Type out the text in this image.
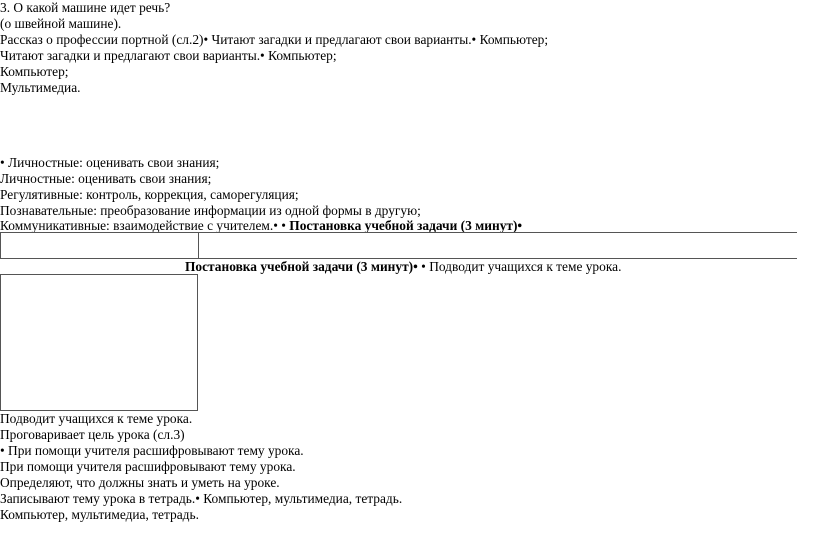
3. О какой машине идет речь?
(о швейной машине).
Рассказ о профессии портной (сл.2)• Читают загадки и предлагают свои варианты.• Компьютер;
Читают загадки и предлагают свои варианты.• Компьютер;
Компьютер;
Мультимедиа.
• Личностные: оценивать свои знания;
Личностные: оценивать свои знания;
Регулятивные: контроль, коррекция, саморегуляция;
Познавательные: преобразование информации из одной формы в другую;
Коммуникативные: взаимодействие с учителем.• • Постановка учебной задачи (3 минут)•
Постановка учебной задачи (3 минут)• • Подводит учащихся к теме урока.
Подводит учащихся к теме урока.
Проговаривает цель урока (сл.3)
• При помощи учителя расшифровывают тему урока.
При помощи учителя расшифровывают тему урока.
Определяют, что должны знать и уметь на уроке.
Записывают тему урока в тетрадь.• Компьютер, мультимедиа, тетрадь.
Компьютер, мультимедиа, тетрадь.
